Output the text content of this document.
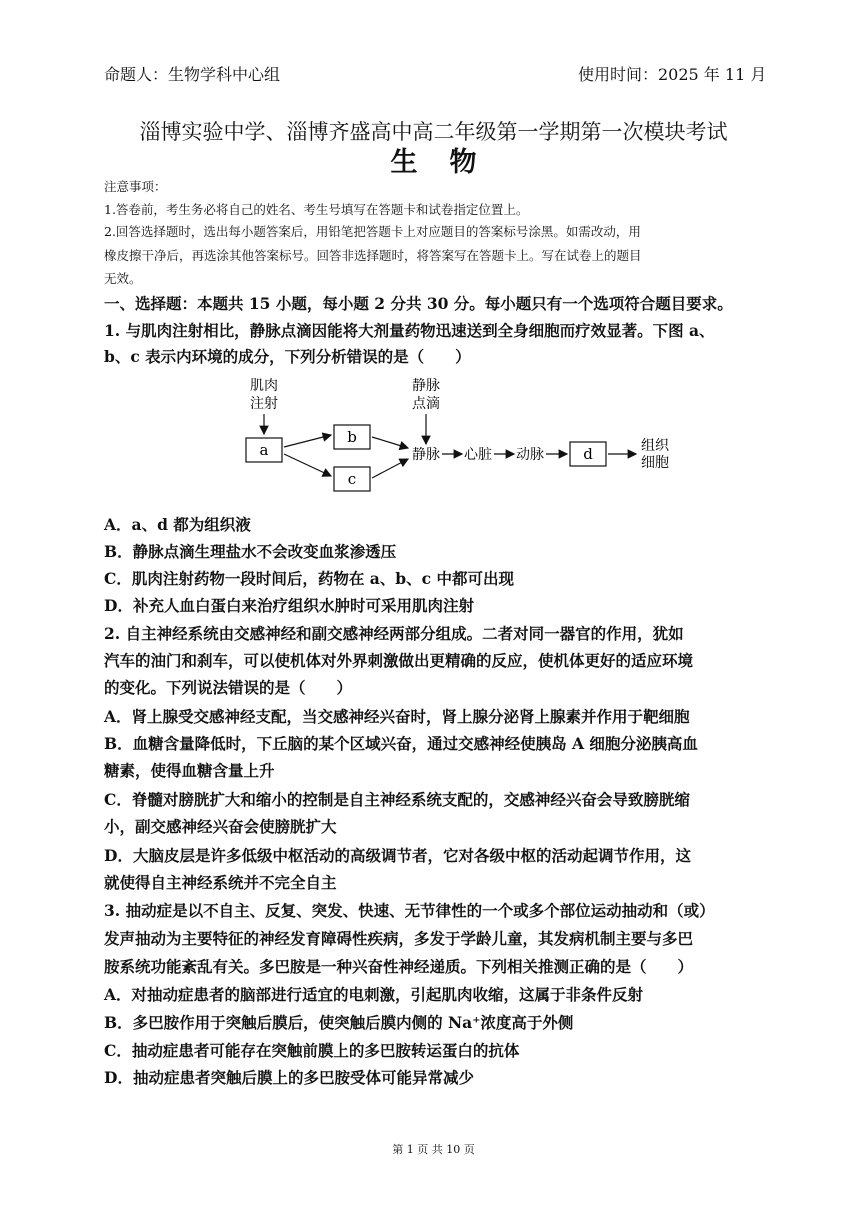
命题人：生物学科中心组	使用时间：2025 年 11 月
淄博实验中学、淄博齐盛高中高二年级第一学期第一次模块考试
生物
注意事项：
1.答卷前，考生务必将自己的姓名、考生号填写在答题卡和试卷指定位置上。
2.回答选择题时，选出每小题答案后，用铅笔把答题卡上对应题目的答案标号涂黑。如需改动，用
橡皮擦干净后，再选涂其他答案标号。回答非选择题时，将答案写在答题卡上。写在试卷上的题目
无效。
一、选择题：本题共 15 小题，每小题 2 分共 30 分。每小题只有一个选项符合题目要求。
1. 与肌肉注射相比，静脉点滴因能将大剂量药物迅速送到全身细胞而疗效显著。下图 a、
b、c 表示内环境的成分，下列分析错误的是（　　）
肌肉
注射
静脉
点滴
a
b
c
静脉 心脏 动脉	d	组织
细胞
A．a、d 都为组织液
B．静脉点滴生理盐水不会改变血浆渗透压
C．肌肉注射药物一段时间后，药物在 a、b、c 中都可出现
D．补充人血白蛋白来治疗组织水肿时可采用肌肉注射
2. 自主神经系统由交感神经和副交感神经两部分组成。二者对同一器官的作用，犹如
汽车的油门和刹车，可以使机体对外界刺激做出更精确的反应，使机体更好的适应环境
的变化。下列说法错误的是（　　）
A．肾上腺受交感神经支配，当交感神经兴奋时，肾上腺分泌肾上腺素并作用于靶细胞
B．血糖含量降低时，下丘脑的某个区域兴奋，通过交感神经使胰岛 A 细胞分泌胰高血
糖素，使得血糖含量上升
C．脊髓对膀胱扩大和缩小的控制是自主神经系统支配的，交感神经兴奋会导致膀胱缩
小，副交感神经兴奋会使膀胱扩大
D．大脑皮层是许多低级中枢活动的高级调节者，它对各级中枢的活动起调节作用，这
就使得自主神经系统并不完全自主
3. 抽动症是以不自主、反复、突发、快速、无节律性的一个或多个部位运动抽动和（或）
发声抽动为主要特征的神经发育障碍性疾病，多发于学龄儿童，其发病机制主要与多巴
胺系统功能紊乱有关。多巴胺是一种兴奋性神经递质。下列相关推测正确的是（　　）
A．对抽动症患者的脑部进行适宜的电刺激，引起肌肉收缩，这属于非条件反射
B．多巴胺作用于突触后膜后，使突触后膜内侧的 Na⁺浓度高于外侧
C．抽动症患者可能存在突触前膜上的多巴胺转运蛋白的抗体
D．抽动症患者突触后膜上的多巴胺受体可能异常减少
第 1 页 共 10 页
